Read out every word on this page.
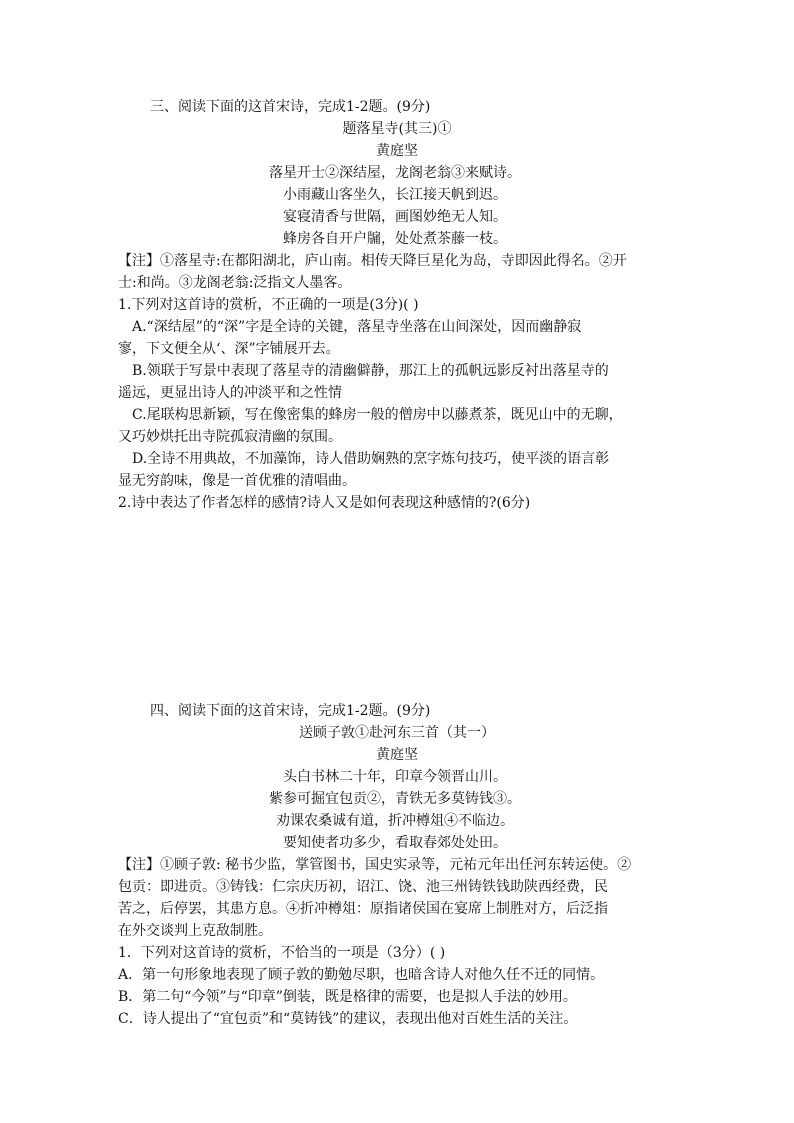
三、阅读下面的这首宋诗，完成1-2题。(9分)
题落星寺(其三)①
黄庭坚
落星开士②深结屋，龙阁老翁③来赋诗。
小雨藏山客坐久，长江接天帆到迟。
宴寝清香与世隔，画图妙绝无人知。
蜂房各自开户牖，处处煮茶藤一枝。
【注】①落星寺:在都阳湖北，庐山南。相传天降巨星化为岛，寺即因此得名。②开
士:和尚。③龙阁老翁:泛指文人墨客。
1.下列对这首诗的赏析，不正确的一项是(3分)( )
A.“深结屋”的“深”字是全诗的关键，落星寺坐落在山间深处，因而幽静寂
寥，下文便全从‘、深”字铺展开去。
B.领联于写景中表现了落星寺的清幽僻静，那江上的孤帆远影反衬出落星寺的
遥远，更显出诗人的冲淡平和之性情
C.尾联构思新颖，写在像密集的蜂房一般的僧房中以藤煮茶，既见山中的无聊，
又巧妙烘托出寺院孤寂清幽的氛围。
D.全诗不用典故，不加藻饰，诗人借助娴熟的烹字炼句技巧，使平淡的语言彰
显无穷韵味，像是一首优雅的清唱曲。
2.诗中表达了作者怎样的感情?诗人又是如何表现这种感情的?(6分)
四、阅读下面的这首宋诗，完成1-2题。(9分)
送顾子敦①赴河东三首（其一）
黄庭坚
头白书林二十年，印章今领晋山川。
紫参可掘宜包贡②，青铁无多莫铸钱③。
劝课农桑诚有道，折冲樽俎④不临边。
要知使者功多少，看取春郊处处田。
【注】①顾子敦: 秘书少监，掌管图书，国史实录等，元祐元年出任河东转运使。②
包贡：即进贡。③铸钱：仁宗庆历初，诏江、饶、池三州铸铁钱助陕西经费，民
苦之，后停罢，其患方息。④折冲樽俎：原指诸侯国在宴席上制胜对方，后泛指
在外交谈判上克敌制胜。
1．下列对这首诗的赏析，不恰当的一项是（3分）( )
A．第一句形象地表现了顾子敦的勤勉尽职，也暗含诗人对他久任不迁的同情。
B．第二句“今领”与“印章”倒装，既是格律的需要，也是拟人手法的妙用。
C．诗人提出了“宜包贡”和“莫铸钱”的建议，表现出他对百姓生活的关注。
